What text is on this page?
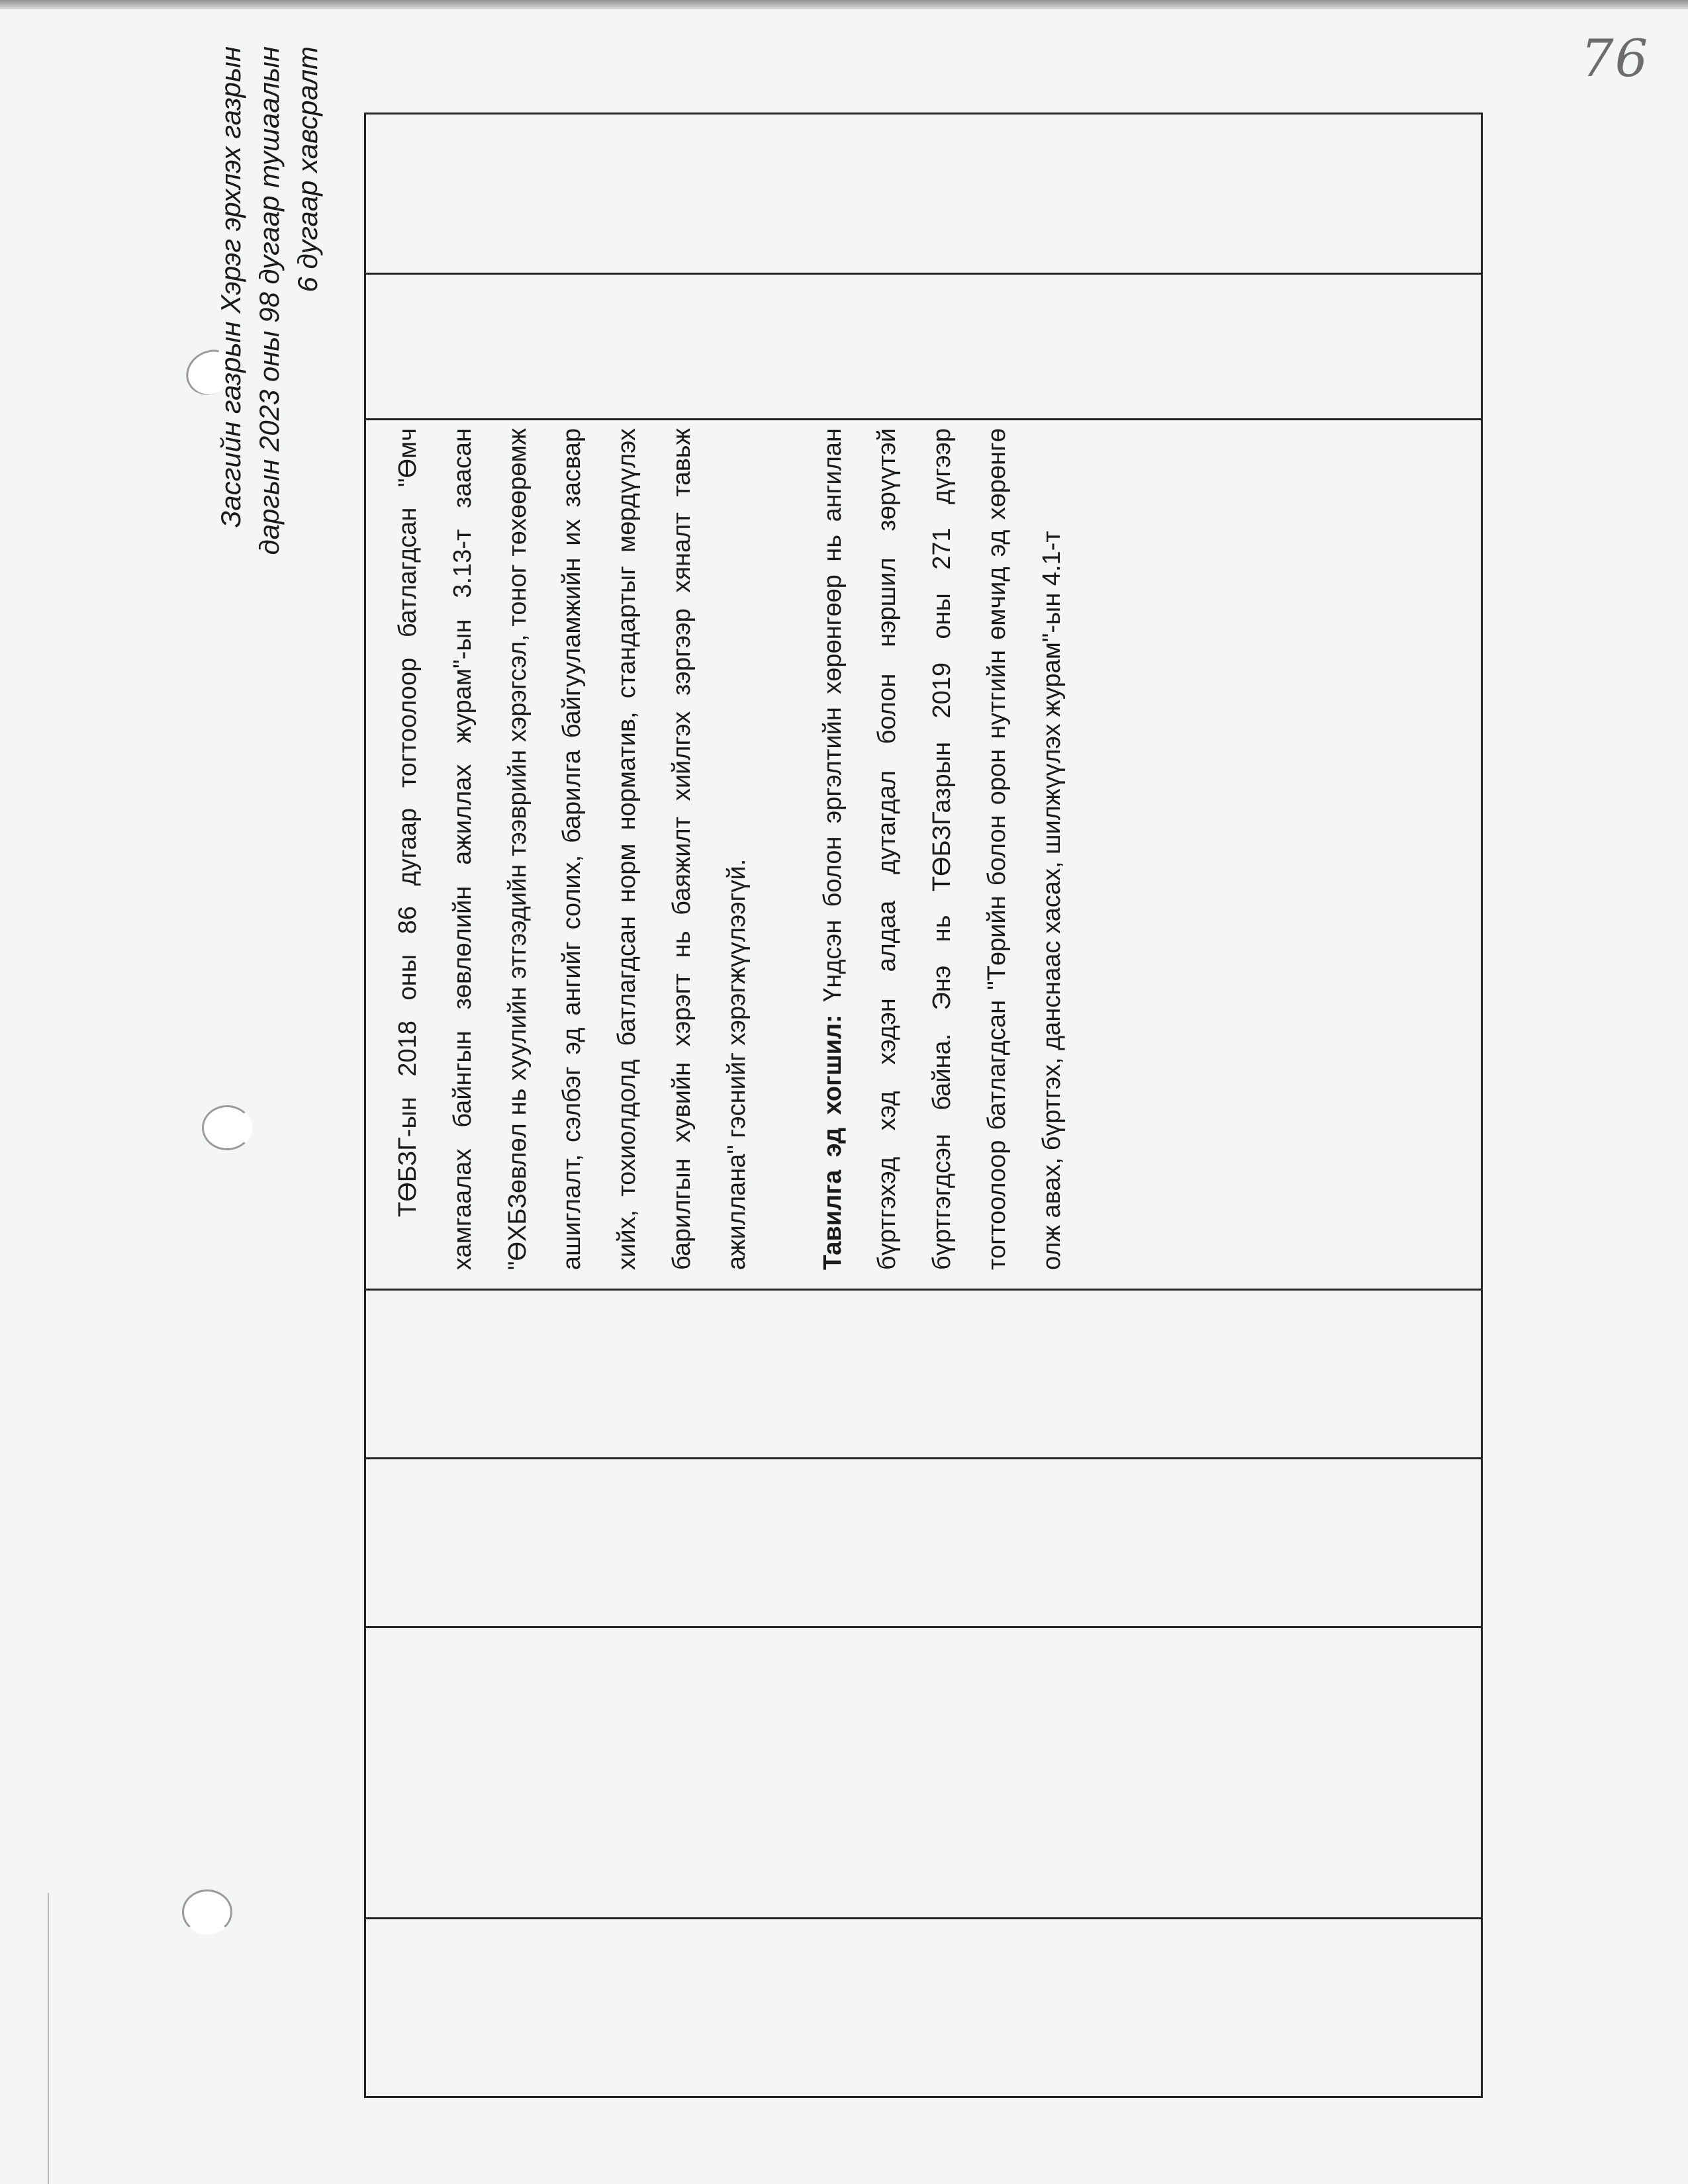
76
Засгийн газрын Хэрэг эрхлэх газрын даргын 2023 оны 98 дугаар тушаалын 6 дугаар хавсралт

ТӨБЗГ-ын 2018 оны 86 дугаар тогтоолоор батлагдсан "Өмч хамгаалах байнгын зөвлөлийн ажиллах журам"-ын 3.13-т заасан "ӨХБЗөвлөл нь хуулийн этгээдийн тээврийн хэрэгсэл, тоног төхөөрөмж ашиглалт, сэлбэг эд ангийг солих, барилга байгууламжийн их засвар хийх, тохиолдолд батлагдсан норм норматив, стандартыг мөрдүүлэх барилгын хувийн хэрэгт нь баяжилт хийлгэх зэргээр хяналт тавьж ажиллана" гэснийг хэрэгжүүлээгүй.	Тавилга эд хогшил: Үндсэн болон эргэлтийн хөрөнгөөр нь ангилан бүртгэхэд хэд хэдэн алдаа дутагдал болон нэршил зөрүүтэй бүртгэгдсэн байна. Энэ нь ТӨБЗГазрын 2019 оны 271 дүгээр тогтоолоор батлагдсан "Төрийн болон орон нутгийн өмчид эд хөрөнгө олж авах, бүртгэх, данснаас хасах, шилжүүлэх журам"-ын 4.1-т
